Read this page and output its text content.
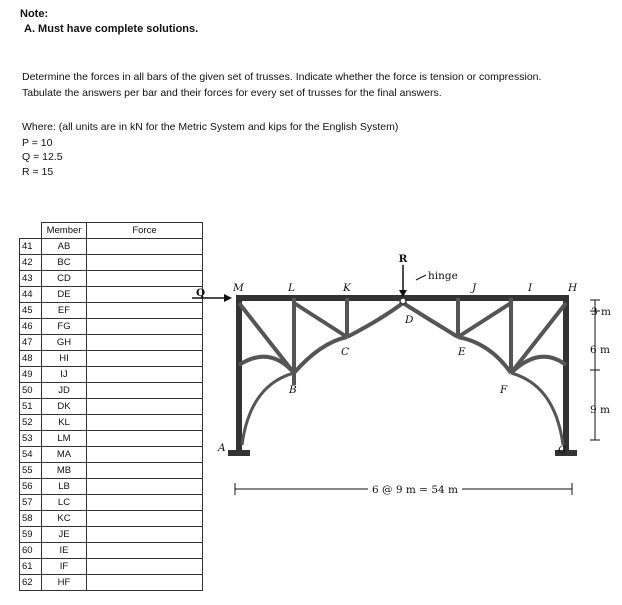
Note:
A. Must have complete solutions.
Determine the forces in all bars of the given set of trusses. Indicate whether the force is tension or compression.
Tabulate the answers per bar and their forces for every set of trusses for the final answers.
Where: (all units are in kN for the Metric System and kips for the English System)
P = 10
Q = 12.5
R = 15
	Member	Force
41	AB	
42	BC	
43	CD	
44	DE	
45	EF	
46	FG	
47	GH	
48	HI	
49	IJ	
50	JD	
51	DK	
52	KL	
53	LM	
54	MA	
55	MB	
56	LB	
57	LC	
58	KC	
59	JE	
60	IE	
61	IF	
62	HF	
R
Q
hinge
M	L	K	J	I	H
A
B
C
D
E
F
G
3 m
6 m
9 m
6 @ 9 m = 54 m
